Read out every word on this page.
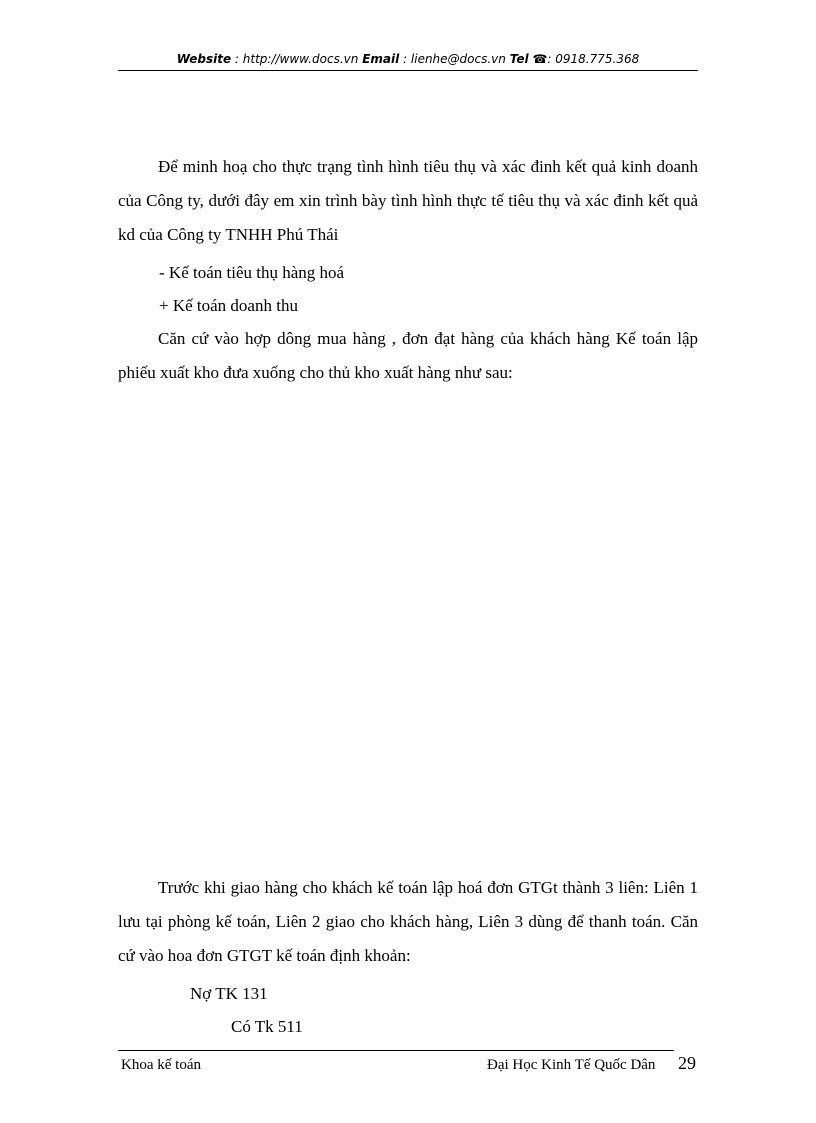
Website : http://www.docs.vn Email : lienhe@docs.vn Tel ☎: 0918.775.368
Để minh hoạ cho thực trạng tình hình tiêu thụ và xác đinh kết quả kinh doanh của Công ty, dưới đây em xin trình bày tình hình thực tế tiêu thụ và xác đinh kết quả kd của Công ty TNHH Phú Thái
- Kế toán tiêu thụ hàng hoá
+ Kế toán doanh thu
Căn cứ vào hợp dông mua hàng , đơn đạt hàng của khách hàng Kế toán lập phiếu xuất kho đưa xuống cho thủ kho xuất hàng như sau:
Trước khi giao hàng cho khách kế toán lập hoá đơn GTGt thành 3 liên: Liên 1 lưu tại phòng kế toán, Liên 2 giao cho khách hàng, Liên 3 dùng để thanh toán. Căn cứ vào hoa đơn GTGT kế toán định khoản:
Nợ TK 131
Có Tk 511
Khoa kế toán	Đại Học Kinh Tế Quốc Dân 29
